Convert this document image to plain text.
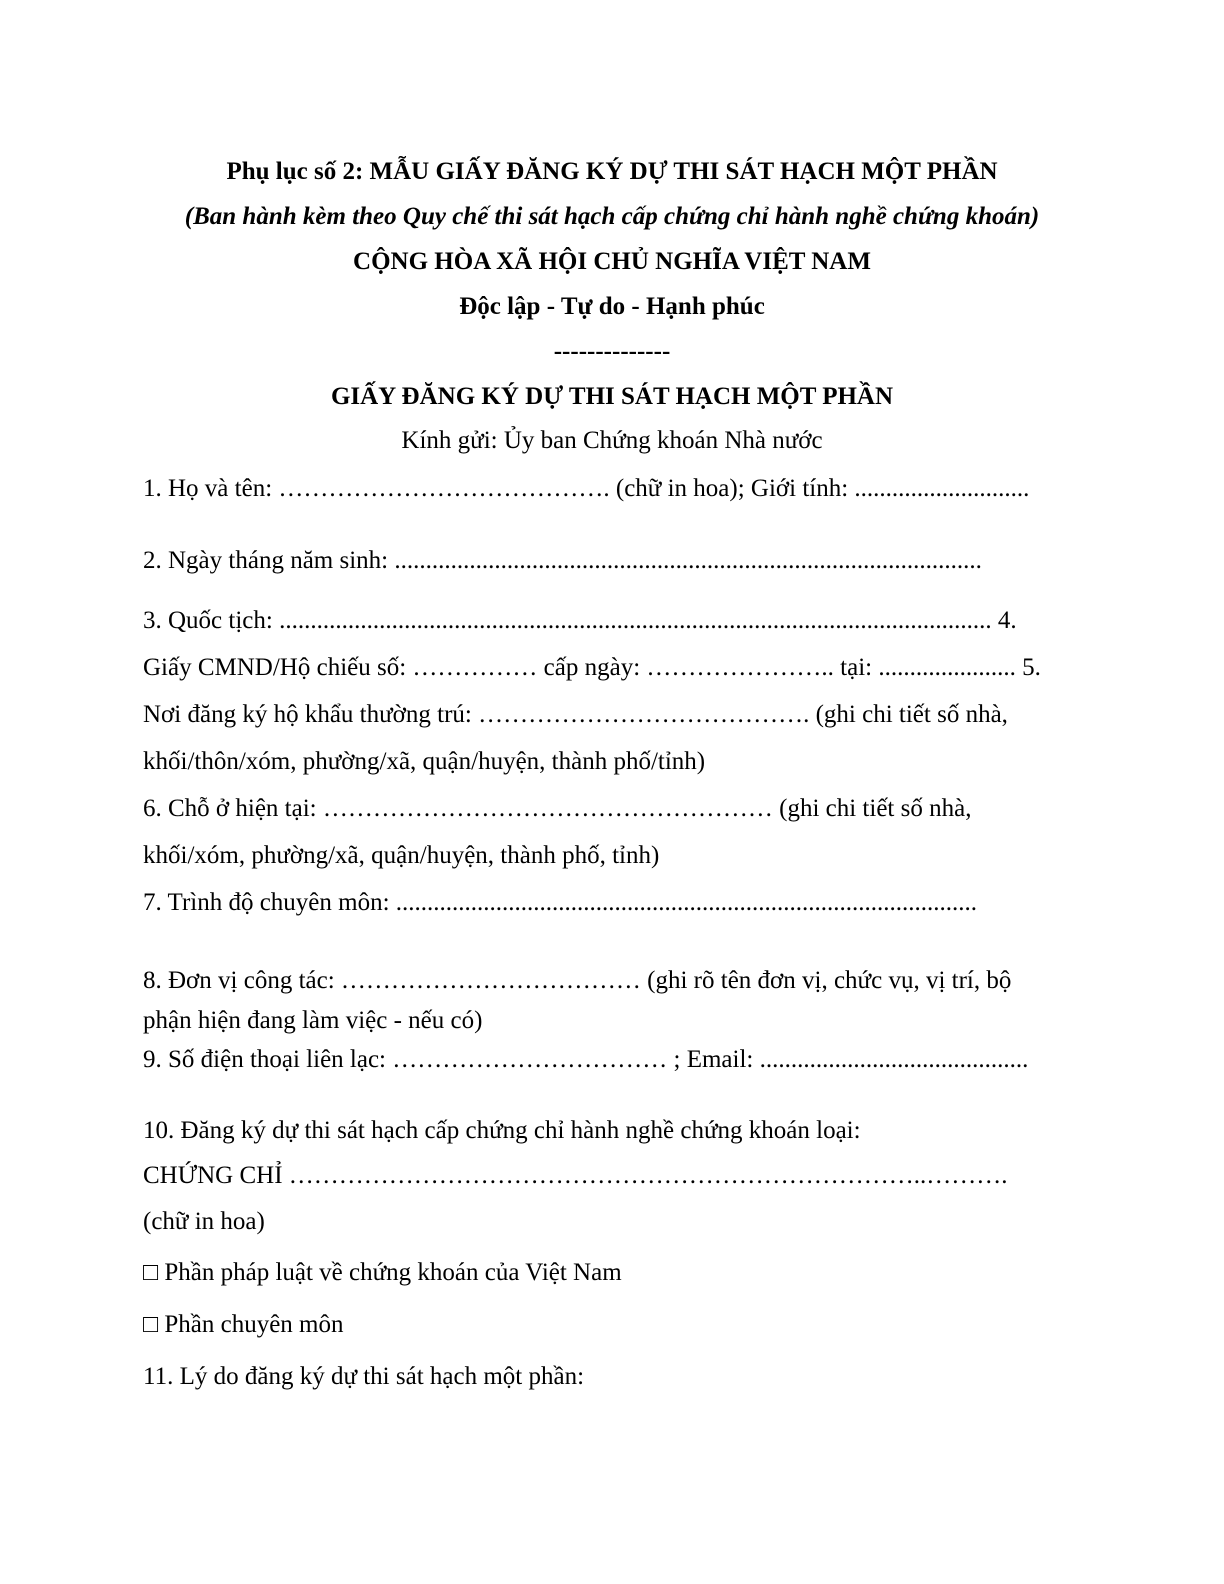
Phụ lục số 2: MẪU GIẤY ĐĂNG KÝ DỰ THI SÁT HẠCH MỘT PHẦN
(Ban hành kèm theo Quy chế thi sát hạch cấp chứng chỉ hành nghề chứng khoán)
CỘNG HÒA XÃ HỘI CHỦ NGHĨA VIỆT NAM
Độc lập - Tự do - Hạnh phúc
--------------
GIẤY ĐĂNG KÝ DỰ THI SÁT HẠCH MỘT PHẦN
Kính gửi: Ủy ban Chứng khoán Nhà nước
1. Họ và tên: …………………………………. (chữ in hoa); Giới tính: ............................
2. Ngày tháng năm sinh: ..............................................................................................
3. Quốc tịch: .................................................................................................................. 4.
Giấy CMND/Hộ chiếu số: …………… cấp ngày: ………………….. tại: ...................... 5.
Nơi đăng ký hộ khẩu thường trú: …………………………………. (ghi chi tiết số nhà,
khối/thôn/xóm, phường/xã, quận/huyện, thành phố/tỉnh)
6. Chỗ ở hiện tại: ……………………………………………… (ghi chi tiết số nhà,
khối/xóm, phường/xã, quận/huyện, thành phố, tỉnh)
7. Trình độ chuyên môn: .............................................................................................
8. Đơn vị công tác: ……………………………… (ghi rõ tên đơn vị, chức vụ, vị trí, bộ
phận hiện đang làm việc - nếu có)
9. Số điện thoại liên lạc: …………………………… ; Email: ...........................................
10. Đăng ký dự thi sát hạch cấp chứng chỉ hành nghề chứng khoán loại:
CHỨNG CHỈ …………………………………………………………………..……….
(chữ in hoa)
□ Phần pháp luật về chứng khoán của Việt Nam
□ Phần chuyên môn
11. Lý do đăng ký dự thi sát hạch một phần:
